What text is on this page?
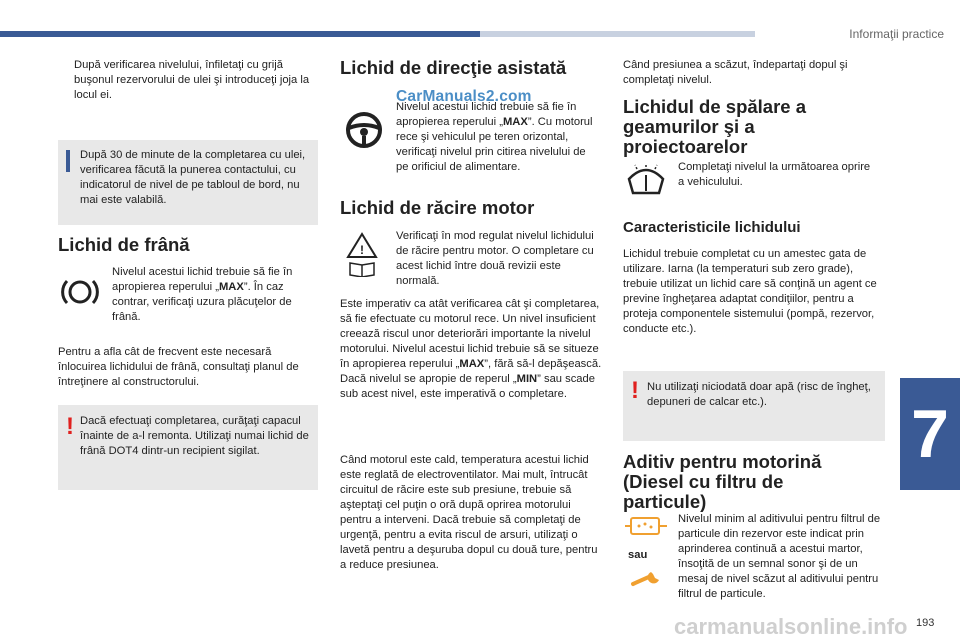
Informaţii practice
7
193
După verificarea nivelului, înfiletaţi cu grijă buşonul rezervorului de ulei şi introduceţi joja la locul ei.
După 30 de minute de la completarea cu ulei, verificarea făcută la punerea contactului, cu indicatorul de nivel de pe tabloul de bord, nu mai este valabilă.
Lichid de frână
Nivelul acestui lichid trebuie să fie în apropierea reperului „MAX”. În caz contrar, verificaţi uzura plăcuţelor de frână.
Pentru a afla cât de frecvent este necesară înlocuirea lichidului de frână, consultaţi planul de întreţinere al constructorului.
! Dacă efectuaţi completarea, curăţaţi capacul înainte de a-l remonta. Utilizaţi numai lichid de frână DOT4 dintr-un recipient sigilat.
Lichid de direcţie asistată
CarManuals2.com
Nivelul acestui lichid trebuie să fie în apropierea reperului „MAX”. Cu motorul rece şi vehiculul pe teren orizontal, verificaţi nivelul prin citirea nivelului de pe orificiul de alimentare.
Lichid de răcire motor
!
Verificaţi în mod regulat nivelul lichidului de răcire pentru motor. O completare cu acest lichid între două revizii este normală.
Este imperativ ca atât verificarea cât şi completarea, să fie efectuate cu motorul rece. Un nivel insuficient creează riscul unor deteriorări importante la nivelul motorului. Nivelul acestui lichid trebuie să se situeze în apropierea reperului „MAX”, fără să-l depăşească. Dacă nivelul se apropie de reperul „MIN” sau scade sub acest nivel, este imperativă o completare.
Când motorul este cald, temperatura acestui lichid este reglată de electroventilator. Mai mult, întrucât circuitul de răcire este sub presiune, trebuie să aşteptaţi cel puţin o oră după oprirea motorului pentru a interveni. Dacă trebuie să completaţi de urgenţă, pentru a evita riscul de arsuri, utilizaţi o lavetă pentru a deşuruba dopul cu două ture, pentru a reduce presiunea.
Când presiunea a scăzut, îndepartaţi dopul şi completaţi nivelul.
Lichidul de spălare a geamurilor şi a proiectoarelor
Completaţi nivelul la următoarea oprire a vehiculului.
Caracteristicile lichidului
Lichidul trebuie completat cu un amestec gata de utilizare. Iarna (la temperaturi sub zero grade), trebuie utilizat un lichid care să conţină un agent ce previne îngheţarea adaptat condiţiilor, pentru a proteja componentele sistemului (pompă, rezervor, conducte etc.).
! Nu utilizaţi niciodată doar apă (risc de îngheţ, depuneri de calcar etc.).
Aditiv pentru motorină (Diesel cu filtru de particule)
sau
Nivelul minim al aditivului pentru filtrul de particule din rezervor este indicat prin aprinderea continuă a acestui martor, însoţită de un semnal sonor şi de un mesaj de nivel scăzut al aditivului pentru filtrul de particule.
carmanualsonline.info
